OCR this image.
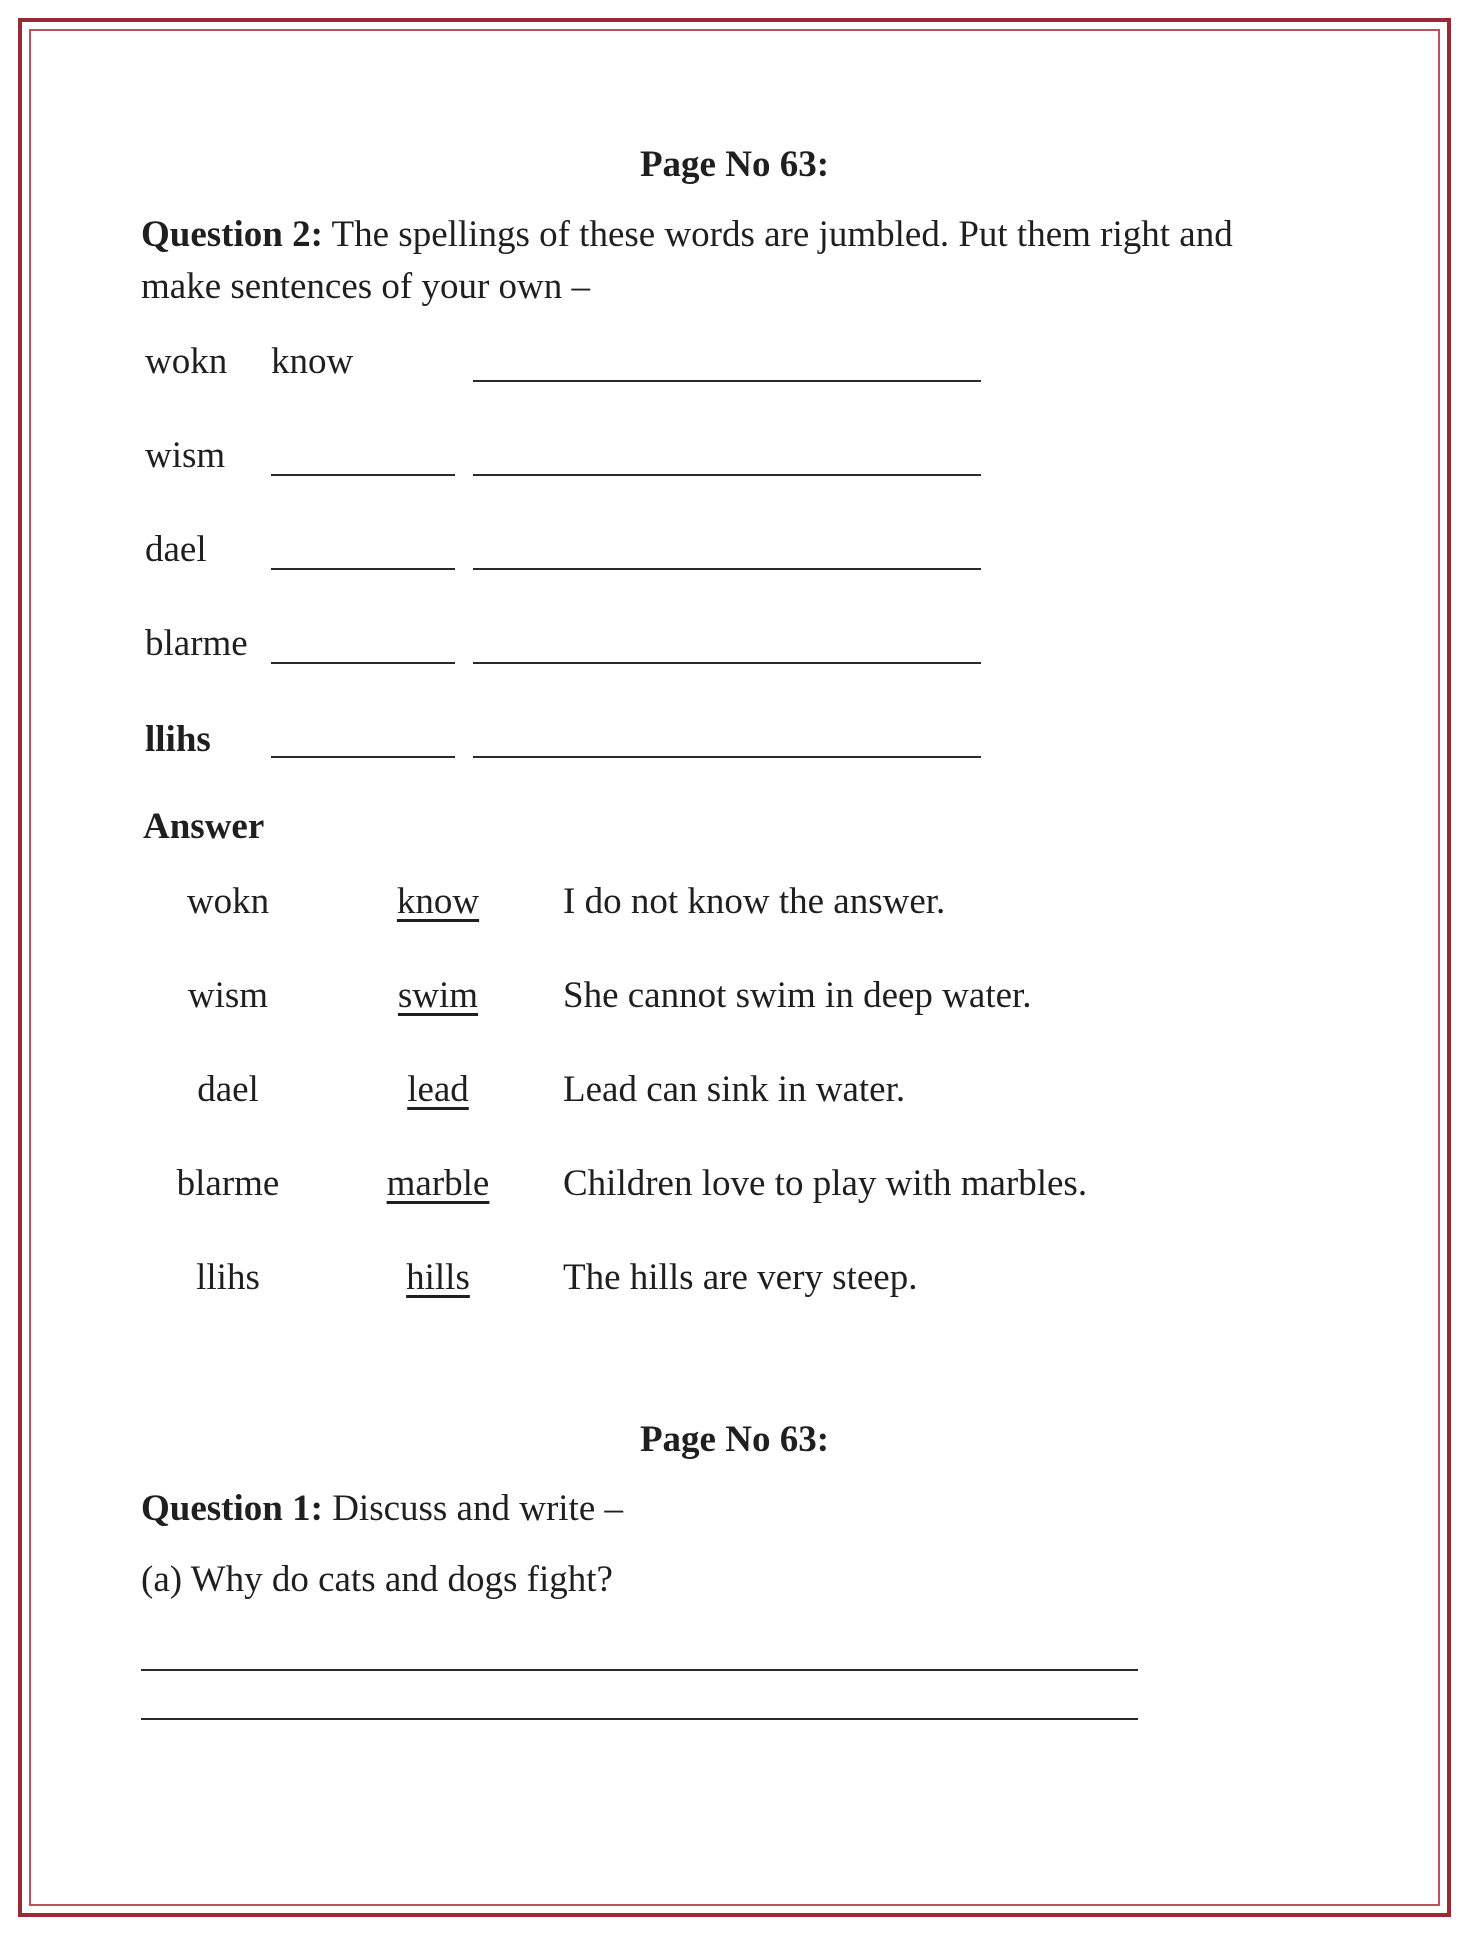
Page No 63:
Question 2: The spellings of these words are jumbled. Put them right and
make sentences of your own –
wokn know
wism
dael
blarme
llihs
Answer
wokn	know	I do not know the answer.
wism	swim	She cannot swim in deep water.
dael	lead	Lead can sink in water.
blarme	marble	Children love to play with marbles.
llihs	hills	The hills are very steep.
Page No 63:
Question 1: Discuss and write –
(a) Why do cats and dogs fight?
